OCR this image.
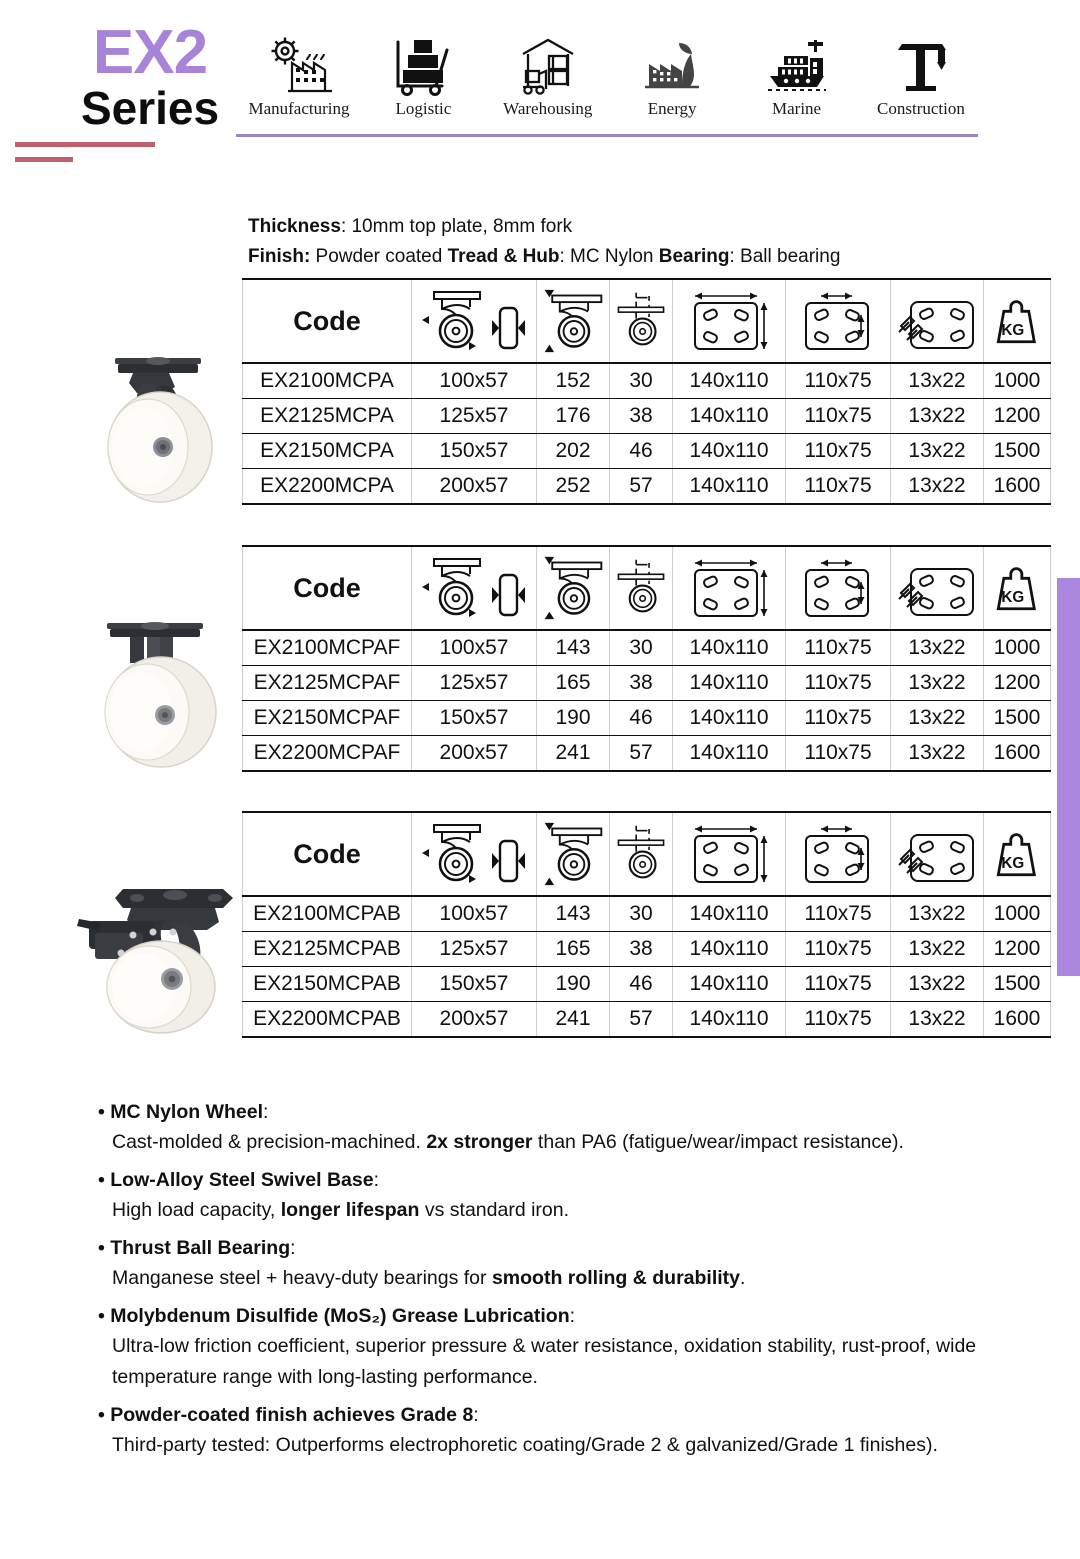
EX2
Series	Manufacturing	Logistic	Warehousing	Energy	Marine	Construction
Thickness: 10mm top plate, 8mm fork
Finish: Powder coated Tread & Hub: MC Nylon Bearing: Ball bearing
Code							KG

EX2100MCPA	100x57	152	30	140x110	110x75	13x22	1000
EX2125MCPA	125x57	176	38	140x110	110x75	13x22	1200
EX2150MCPA	150x57	202	46	140x110	110x75	13x22	1500
EX2200MCPA	200x57	252	57	140x110	110x75	13x22	1600
Code							KG

EX2100MCPAF	100x57	143	30	140x110	110x75	13x22	1000
EX2125MCPAF	125x57	165	38	140x110	110x75	13x22	1200
EX2150MCPAF	150x57	190	46	140x110	110x75	13x22	1500
EX2200MCPAF	200x57	241	57	140x110	110x75	13x22	1600
Code							KG

EX2100MCPAB	100x57	143	30	140x110	110x75	13x22	1000
EX2125MCPAB	125x57	165	38	140x110	110x75	13x22	1200
EX2150MCPAB	150x57	190	46	140x110	110x75	13x22	1500
EX2200MCPAB	200x57	241	57	140x110	110x75	13x22	1600
• MC Nylon Wheel:
Cast-molded & precision-machined. 2x stronger than PA6 (fatigue/wear/impact resistance).
• Low-Alloy Steel Swivel Base:
High load capacity, longer lifespan vs standard iron.
• Thrust Ball Bearing:
Manganese steel + heavy-duty bearings for smooth rolling & durability.
• Molybdenum Disulfide (MoS₂) Grease Lubrication:
Ultra-low friction coefficient, superior pressure & water resistance, oxidation stability, rust-proof, wide temperature range with long-lasting performance.
• Powder-coated finish achieves Grade 8:
Third-party tested: Outperforms electrophoretic coating/Grade 2 & galvanized/Grade 1 finishes).
